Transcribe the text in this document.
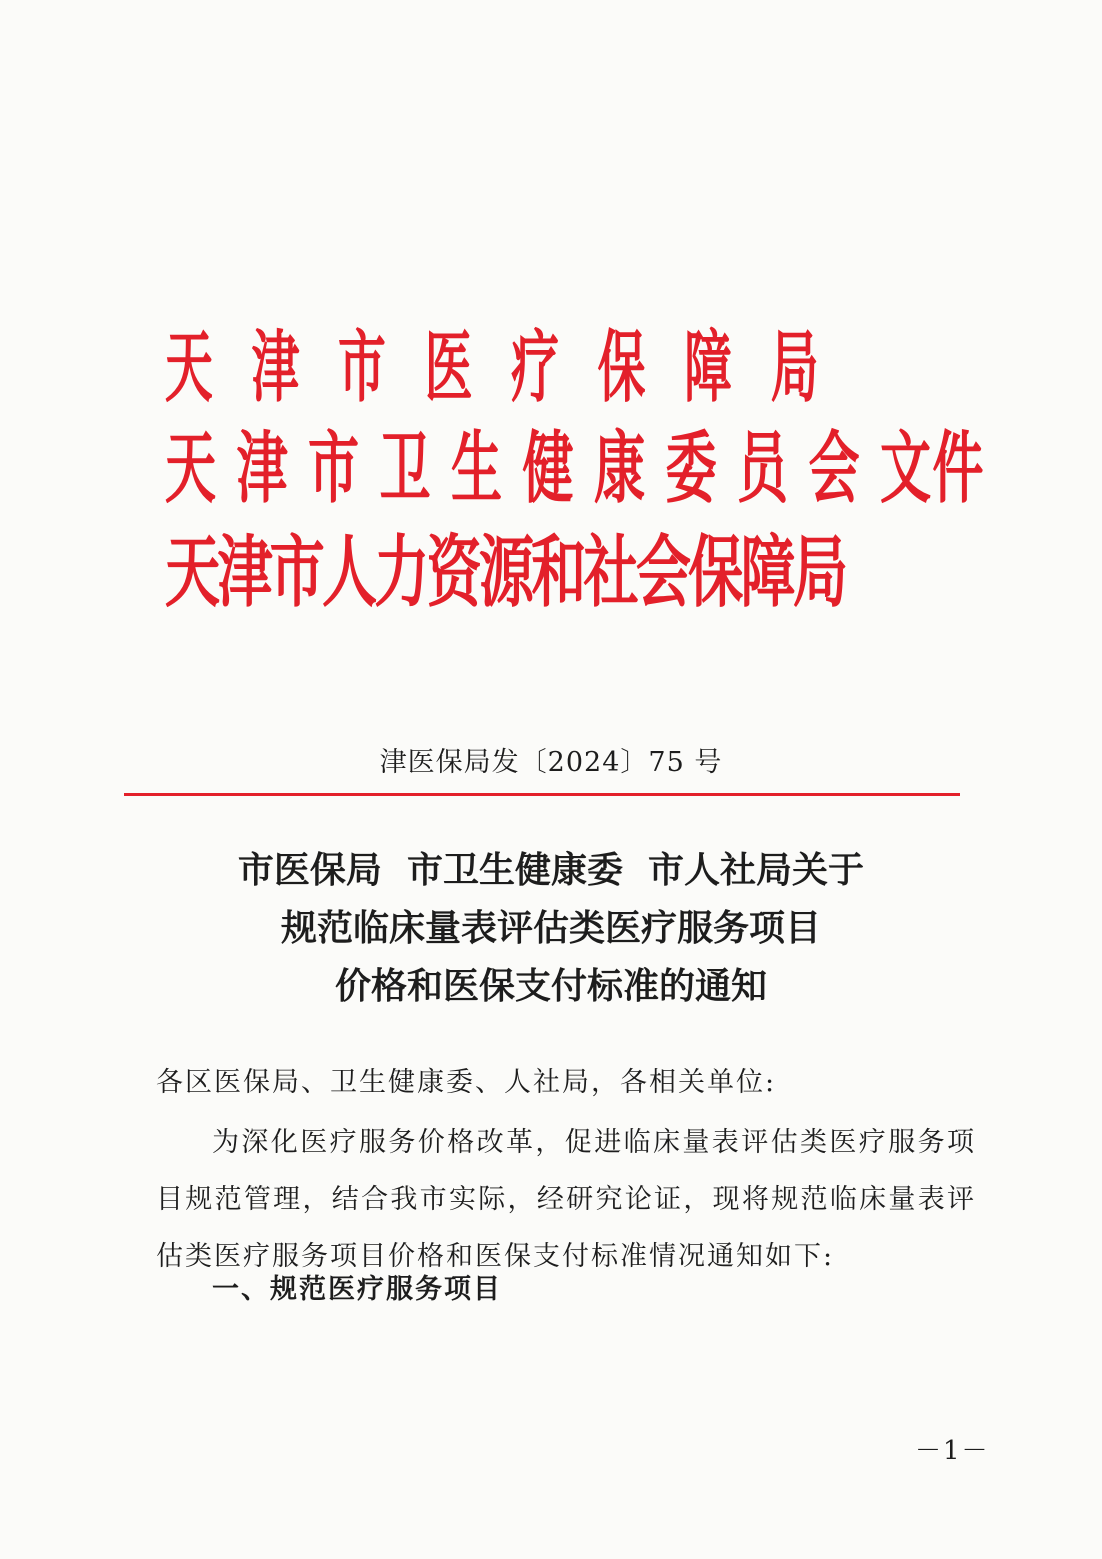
天 津 市 医 疗 保 障 局
天 津 市 卫 生 健 康 委 员 会 文件
天津市人力资源和社会保障局
津医保局发〔2024〕75 号
市医保局  市卫生健康委  市人社局关于
规范临床量表评估类医疗服务项目
价格和医保支付标准的通知
各区医保局、卫生健康委、人社局，各相关单位:
为深化医疗服务价格改革，促进临床量表评估类医疗服务项目规范管理，结合我市实际，经研究论证，现将规范临床量表评估类医疗服务项目价格和医保支付标准情况通知如下:
一、规范医疗服务项目
－1－
